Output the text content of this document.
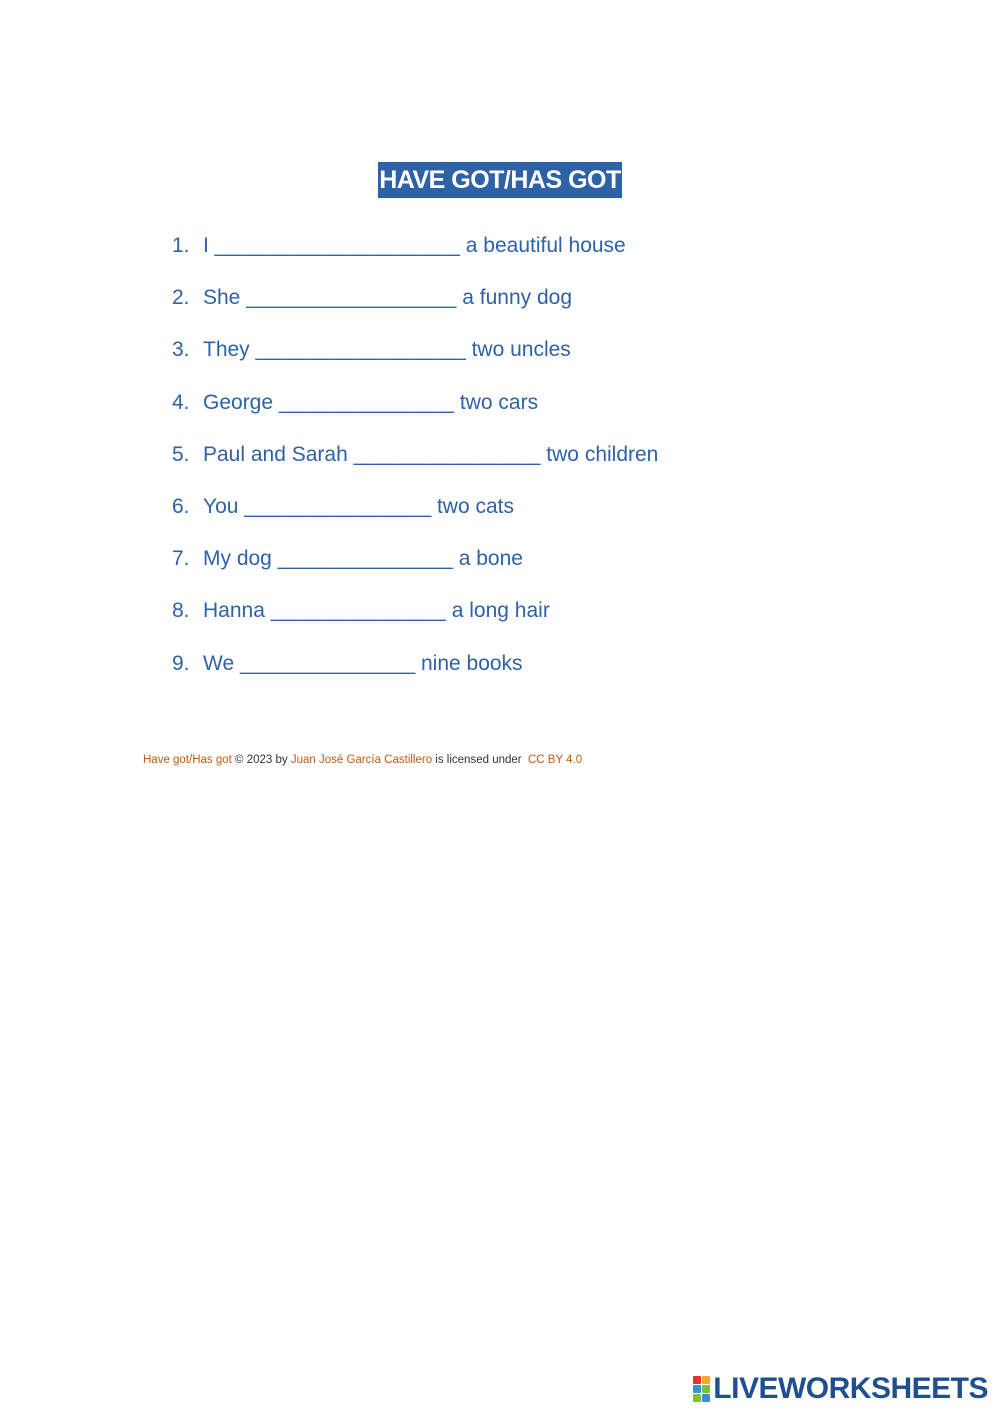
HAVE GOT/HAS GOT
1. I _____________________ a beautiful house
2. She __________________ a funny dog
3. They __________________ two uncles
4. George _______________ two cars
5. Paul and Sarah ________________ two children
6. You ________________ two cats
7. My dog _______________ a bone
8. Hanna _______________ a long hair
9. We _______________ nine books
Have got/Has got © 2023 by Juan José García Castillero is licensed under  CC BY 4.0
LIVEWORKSHEETS
